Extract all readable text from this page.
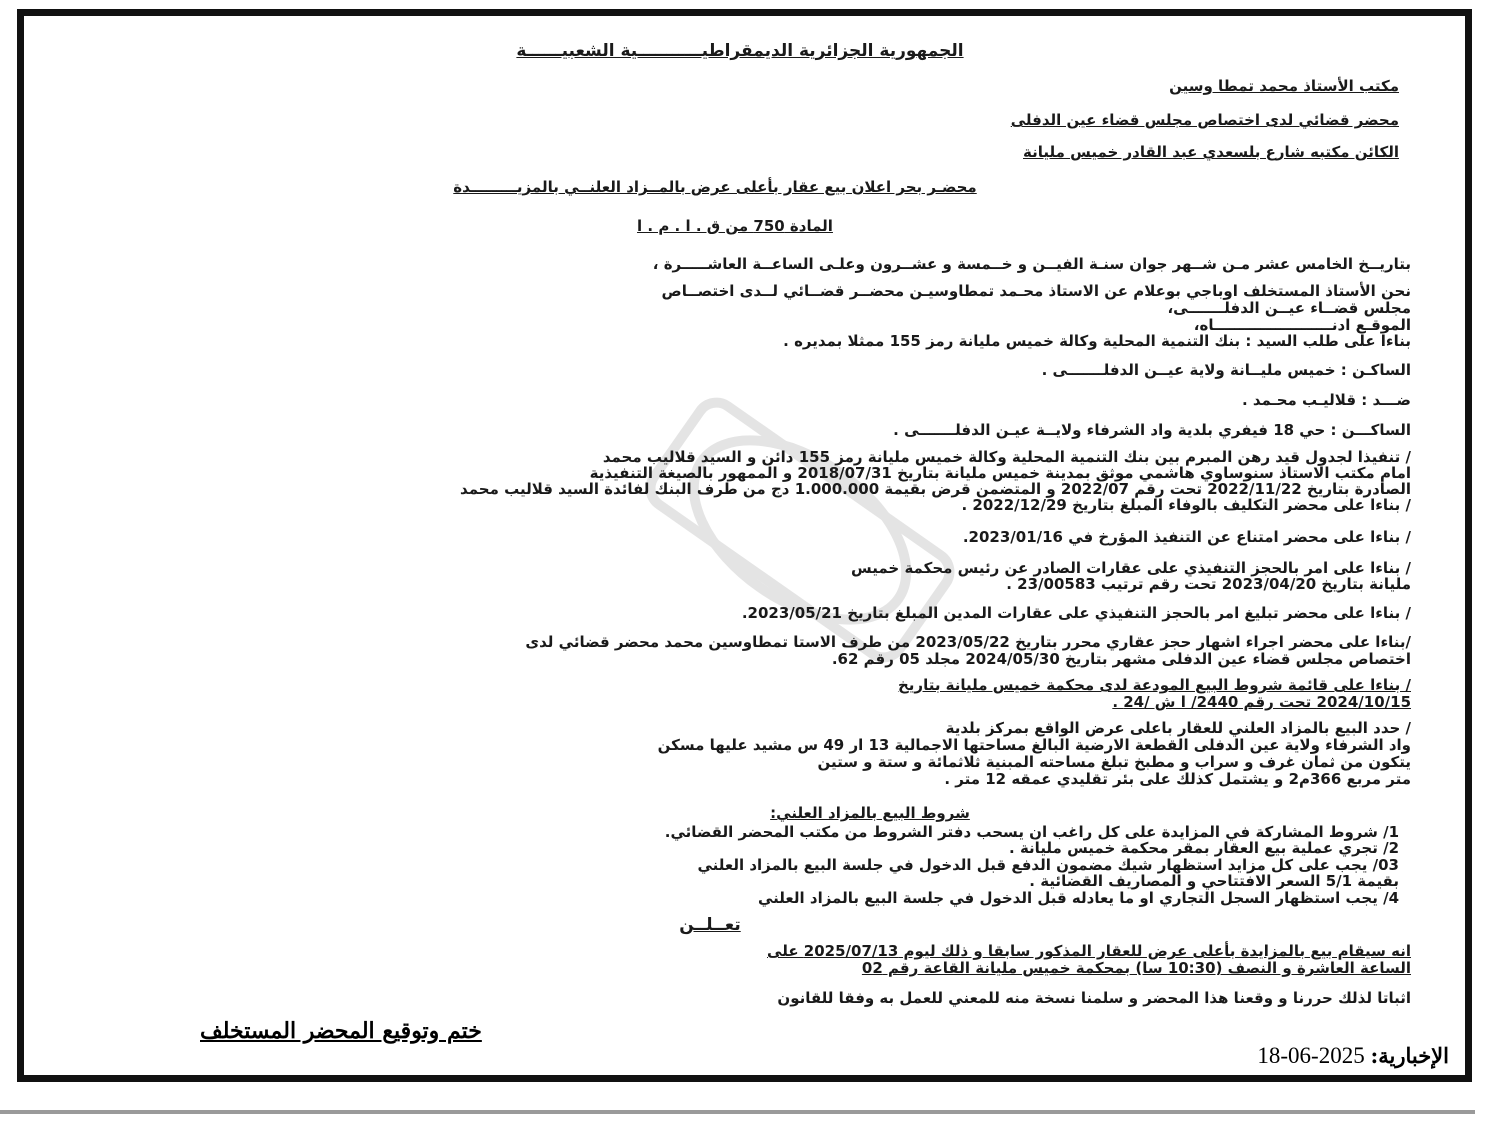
الجمهورية الجزائرية الديمقراطيـــــــــــية الشعبيــــــة
مكتب الأستاذ محمد تمطا وسين
محضر قضائي لدى اختصاص مجلس قضاء عين الدفلى
الكائن مكتبه شارع بلسعدي عبد القادر خميس مليانة
محضـر بحر اعلان بيع عقار بأعلى عرض بالمــزاد العلنــي بالمزيـــــــــدة
المادة 750 من ق . ا . م . ا
بتاريــخ الخامس عشر مـن شــهر جوان سنـة الفيــن و خــمسة و عشــرون وعلـى الساعــة العاشـــــرة ،
نحن الأستاذ المستخلف اوباجي بوعلام عن الاستاذ محـمد تمطاوسيـن محضــر قضــائي لــدى اختصــاص
مجلس قضــاء عيــن الدفلـــــــى،
الموقـع ادنـــــــــــــــــــــــاه،
بناءا على طلب السيد : بنك التنمية المحلية وكالة خميس مليانة رمز 155 ممثلا بمديره .
الساكـن : خميس مليــانة ولاية عيــن الدفلـــــــى .
ضـــد : قلاليـب محـمد .
الساكـــن : حي 18 فيفري بلدية واد الشرفاء ولايــة عيـن الدفلـــــــى .
/ تنفيذا لجدول قيد رهن المبرم بين بنك التنمية المحلية وكالة خميس مليانة رمز 155 دائن و السيد قلاليب محمد
امام مكتب الاستاذ سنوساوي هاشمي موثق بمدينة خميس مليانة بتاريخ 2018/07/31 و الممهور بالصيغة التنفيذية
الصادرة بتاريخ 2022/11/22 تحت رقم 2022/07 و المتضمن قرض بقيمة 1.000.000 دج من طرف البنك لفائدة السيد قلاليب محمد
/ بناءا على محضر التكليف بالوفاء المبلغ بتاريخ 2022/12/29 .
/ بناءا على محضر امتناع عن التنفيذ المؤرخ في 2023/01/16.
/ بناءا على امر بالحجز التنفيذي على عقارات الصادر عن رئيس محكمة خميس
مليانة بتاريخ 2023/04/20 تحت رقم ترتيب 23/00583 .
/ بناءا على محضر تبليغ امر بالحجز التنفيذي على عقارات المدين المبلغ بتاريخ 2023/05/21.
/بناءا على محضر اجراء اشهار حجز عقاري محرر بتاريخ 2023/05/22 من طرف الاستا تمطاوسين محمد محضر قضائي لدى
اختصاص مجلس قضاء عين الدفلى مشهر بتاريخ 2024/05/30 مجلد 05 رقم 62.
/ بناءا على قائمة شروط البيع المودعة لدى محكمة خميس مليانة بتاريخ
2024/10/15 تحت رقم 2440/ ا ش /24 .
/ حدد البيع بالمزاد العلني للعقار باعلى عرض الواقع بمركز بلدية
واد الشرفاء ولاية عين الدفلى القطعة الارضية البالغ مساحتها الاجمالية 13 ار 49 س مشيد عليها مسكن
يتكون من ثمان غرف و سراب و مطبخ تبلغ مساحته المبنية ثلاثمائة و ستة و ستين
متر مربع 366م2 و يشتمل كذلك على بئر تقليدي عمقه 12 متر .
شروط البيع بالمزاد العلني:
1/ شروط المشاركة في المزايدة على كل راغب ان يسحب دفتر الشروط من مكتب المحضر القضائي.
2/ تجري عملية بيع العقار بمقر محكمة خميس مليانة .
03/ يجب على كل مزايد استظهار شيك مضمون الدفع قبل الدخول في جلسة البيع بالمزاد العلني
بقيمة 5/1 السعر الافتتاحي و المصاريف القضائية .
4/ يجب استظهار السجل التجاري او ما يعادله قبل الدخول في جلسة البيع بالمزاد العلني
تعــلــن
انه سيقام بيع بالمزايدة بأعلى عرض للعقار المذكور سابقا و ذلك ليوم 2025/07/13 على
الساعة العاشرة و النصف (10:30 سا) بمحكمة خميس مليانة القاعة رقم 02
اثباتا لذلك حررنا و وقعنا هذا المحضر و سلمنا نسخة منه للمعني للعمل به وفقا للقانون
ختم وتوقيع المحضر المستخلف
الإخبارية: 2025-06-18
